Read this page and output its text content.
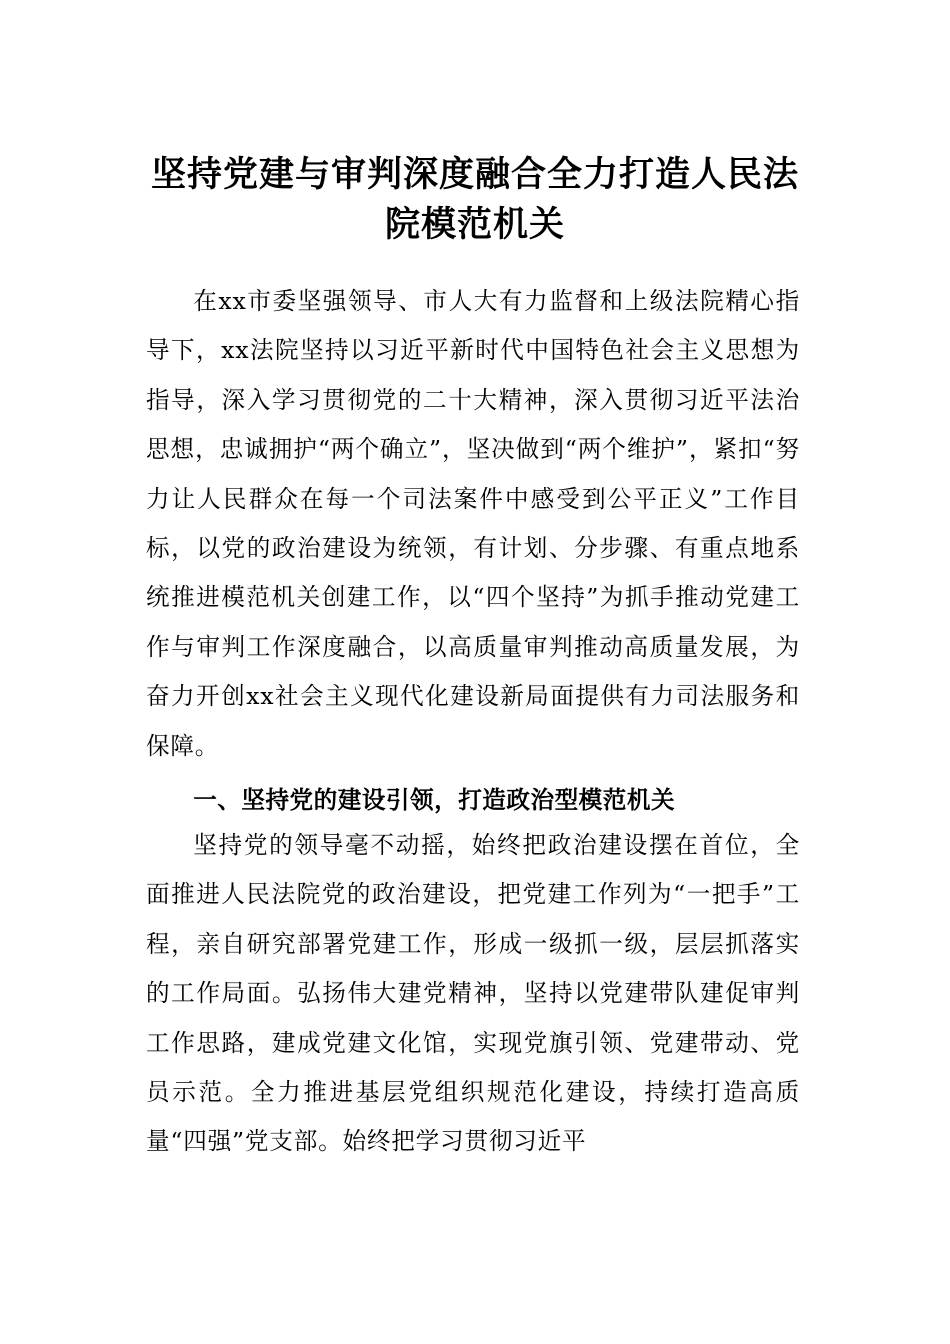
坚持党建与审判深度融合全力打造人民法院模范机关

在xx市委坚强领导、市人大有力监督和上级法院精心指导下，xx法院坚持以习近平新时代中国特色社会主义思想为指导，深入学习贯彻党的二十大精神，深入贯彻习近平法治思想，忠诚拥护“两个确立”，坚决做到“两个维护”，紧扣“努力让人民群众在每一个司法案件中感受到公平正义”工作目标，以党的政治建设为统领，有计划、分步骤、有重点地系统推进模范机关创建工作，以“四个坚持”为抓手推动党建工作与审判工作深度融合，以高质量审判推动高质量发展，为奋力开创xx社会主义现代化建设新局面提供有力司法服务和保障。

一、坚持党的建设引领，打造政治型模范机关

坚持党的领导毫不动摇，始终把政治建设摆在首位，全面推进人民法院党的政治建设，把党建工作列为“一把手”工程，亲自研究部署党建工作，形成一级抓一级，层层抓落实的工作局面。弘扬伟大建党精神，坚持以党建带队建促审判工作思路，建成党建文化馆，实现党旗引领、党建带动、党员示范。全力推进基层党组织规范化建设，持续打造高质量“四强”党支部。始终把学习贯彻习近平
